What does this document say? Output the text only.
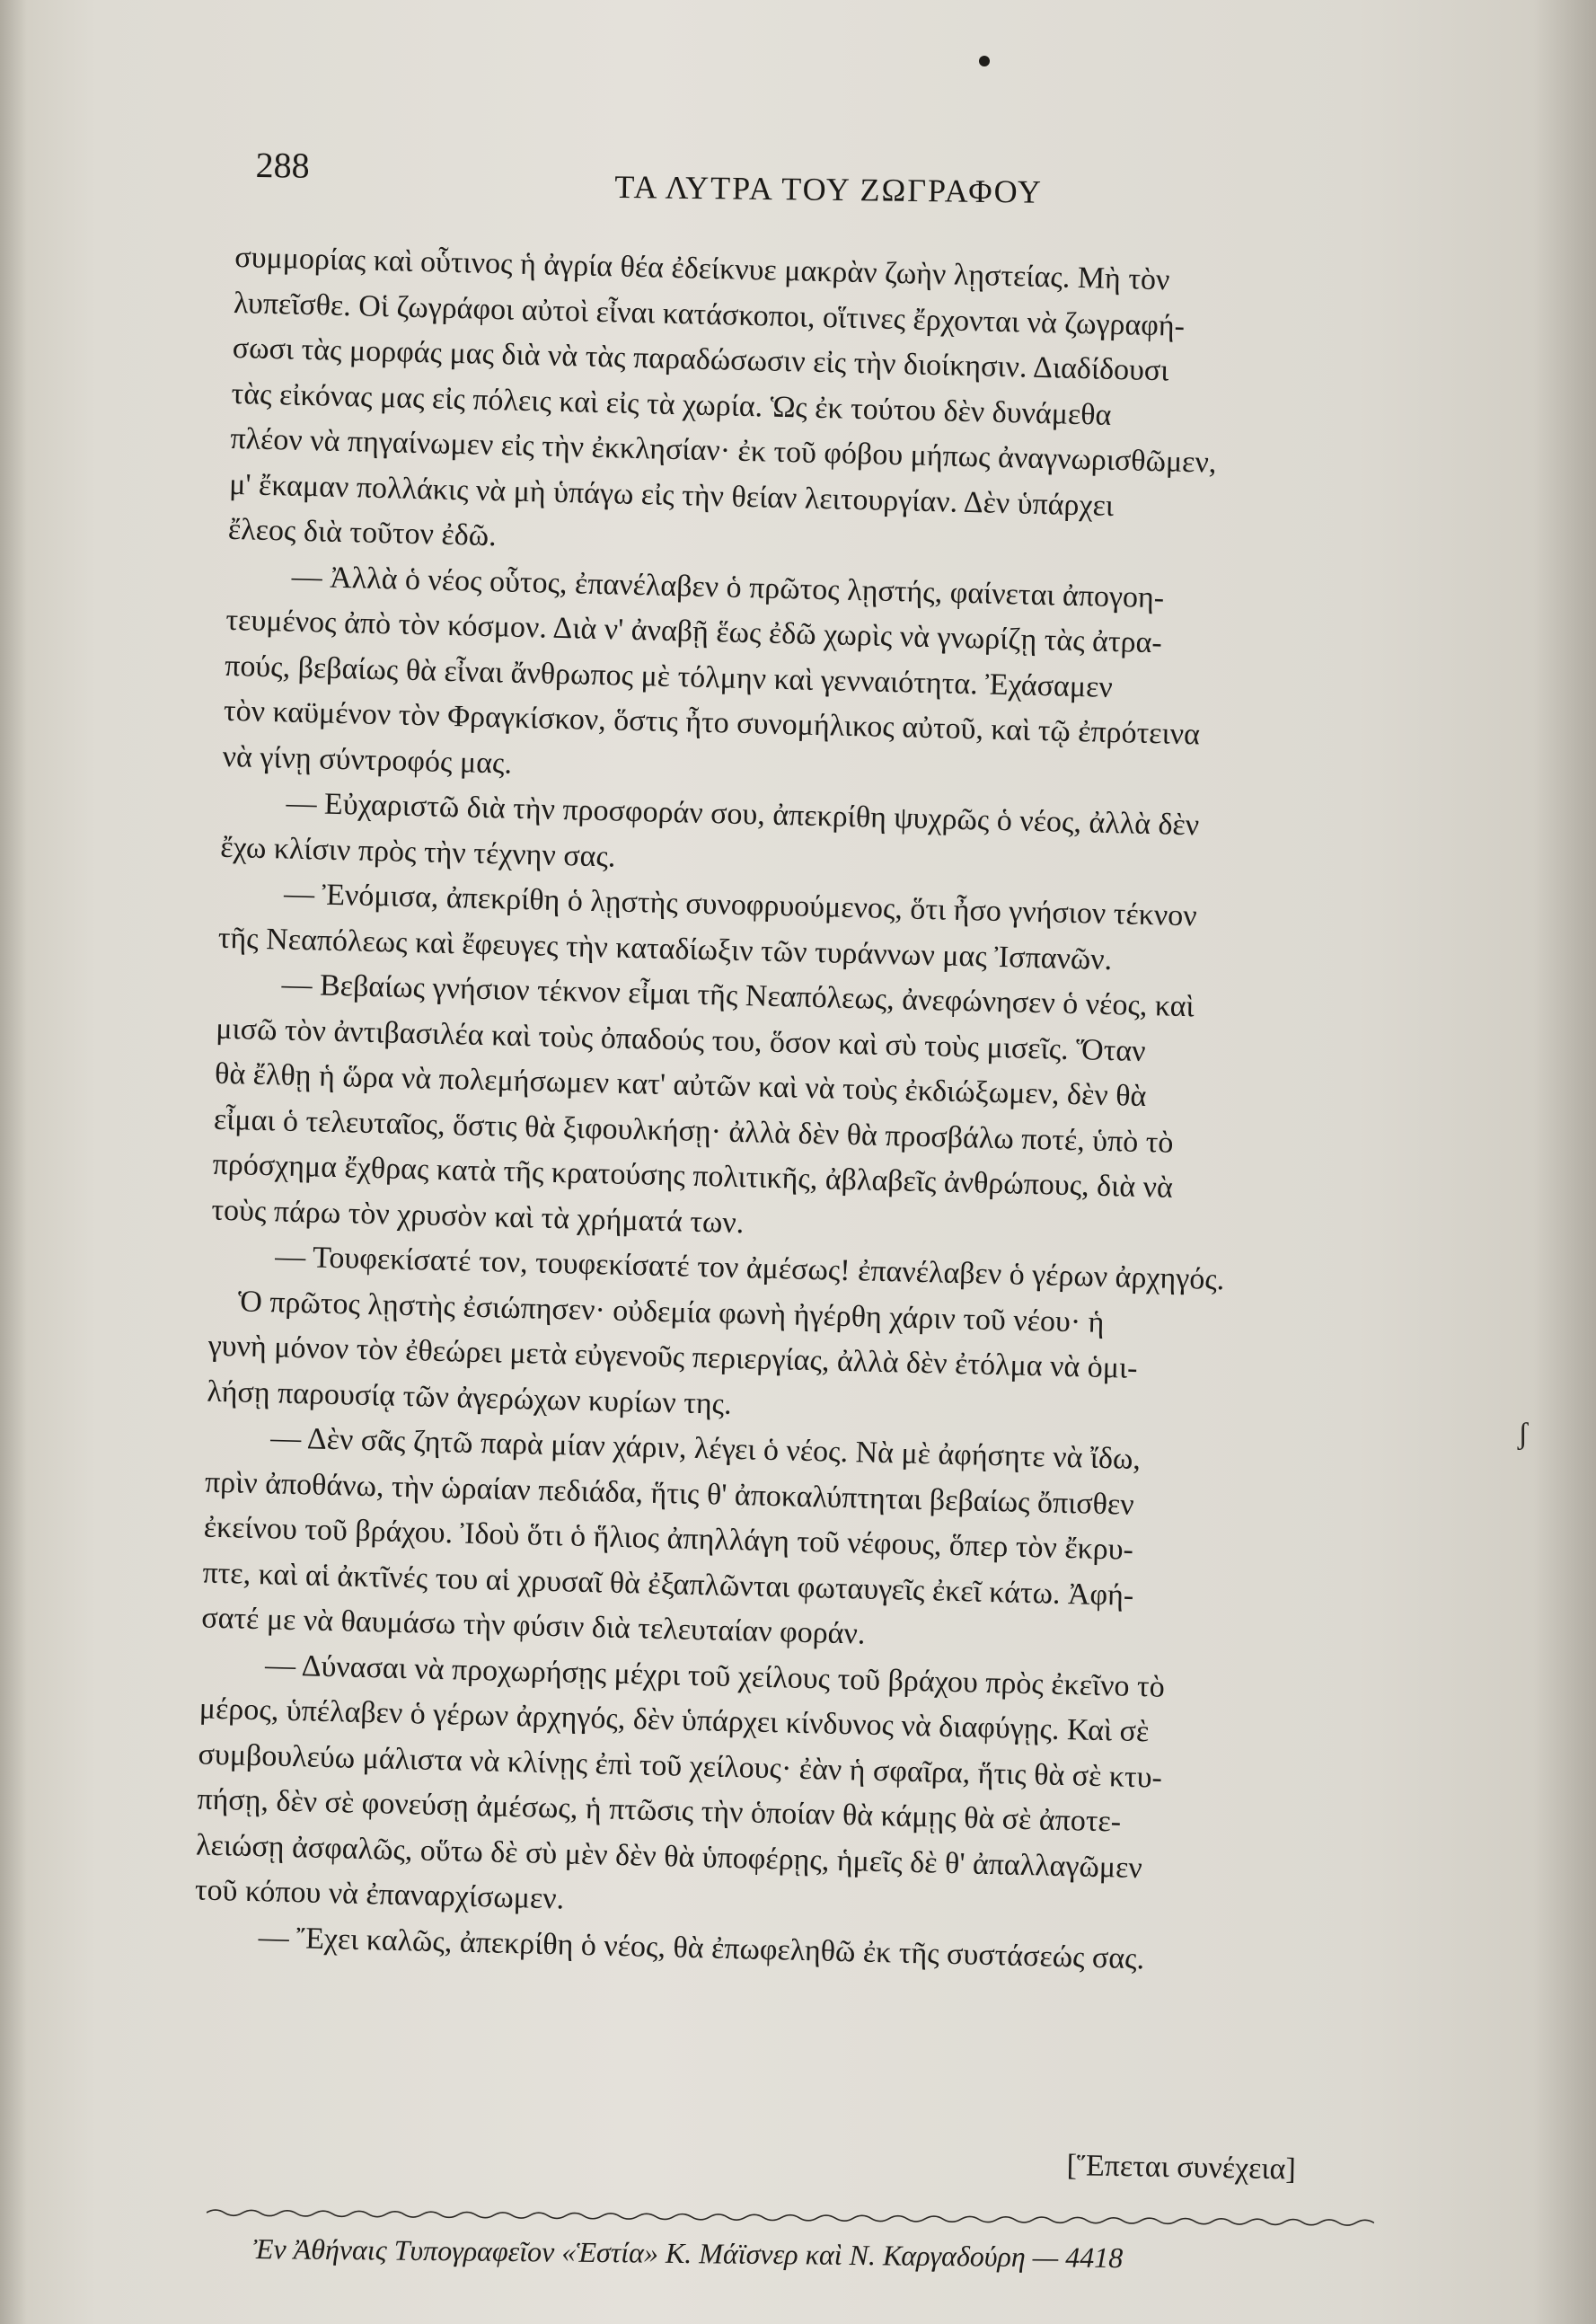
288
ΤΑ ΛΥΤΡΑ ΤΟΥ ΖΩΓΡΑΦΟΥ
συμμορίας καὶ οὗτινος ἡ ἀγρία θέα ἐδείκνυε μακρὰν ζωὴν λῃστείας. Μὴ τὸν
λυπεῖσθε. Οἱ ζωγράφοι αὐτοὶ εἶναι κατάσκοποι, οἵτινες ἔρχονται νὰ ζωγραφή-
σωσι τὰς μορφάς μας διὰ νὰ τὰς παραδώσωσιν εἰς τὴν διοίκησιν. Διαδίδουσι
τὰς εἰκόνας μας εἰς πόλεις καὶ εἰς τὰ χωρία. Ὡς ἐκ τούτου δὲν δυνάμεθα
πλέον νὰ πηγαίνωμεν εἰς τὴν ἐκκλησίαν· ἐκ τοῦ φόβου μήπως ἀναγνωρισθῶμεν,
μ' ἔκαμαν πολλάκις νὰ μὴ ὑπάγω εἰς τὴν θείαν λειτουργίαν. Δὲν ὑπάρχει
ἔλεος διὰ τοῦτον ἐδῶ.
— Ἀλλὰ ὁ νέος οὗτος, ἐπανέλαβεν ὁ πρῶτος λῃστής, φαίνεται ἀπογοη-
τευμένος ἀπὸ τὸν κόσμον. Διὰ ν' ἀναβῇ ἕως ἐδῶ χωρὶς νὰ γνωρίζῃ τὰς ἀτρα-
πούς, βεβαίως θὰ εἶναι ἄνθρωπος μὲ τόλμην καὶ γενναιότητα. Ἐχάσαμεν
τὸν καϋμένον τὸν Φραγκίσκον, ὅστις ἦτο συνομήλικος αὐτοῦ, καὶ τῷ ἐπρότεινα
νὰ γίνῃ σύντροφός μας.
— Εὐχαριστῶ διὰ τὴν προσφοράν σου, ἀπεκρίθη ψυχρῶς ὁ νέος, ἀλλὰ δὲν
ἔχω κλίσιν πρὸς τὴν τέχνην σας.
— Ἐνόμισα, ἀπεκρίθη ὁ λῃστὴς συνοφρυούμενος, ὅτι ἦσο γνήσιον τέκνον
τῆς Νεαπόλεως καὶ ἔφευγες τὴν καταδίωξιν τῶν τυράννων μας Ἰσπανῶν.
— Βεβαίως γνήσιον τέκνον εἶμαι τῆς Νεαπόλεως, ἀνεφώνησεν ὁ νέος, καὶ
μισῶ τὸν ἀντιβασιλέα καὶ τοὺς ὀπαδούς του, ὅσον καὶ σὺ τοὺς μισεῖς. Ὅταν
θὰ ἔλθῃ ἡ ὥρα νὰ πολεμήσωμεν κατ' αὐτῶν καὶ νὰ τοὺς ἐκδιώξωμεν, δὲν θὰ
εἶμαι ὁ τελευταῖος, ὅστις θὰ ξιφουλκήσῃ· ἀλλὰ δὲν θὰ προσβάλω ποτέ, ὑπὸ τὸ
πρόσχημα ἔχθρας κατὰ τῆς κρατούσης πολιτικῆς, ἀβλαβεῖς ἀνθρώπους, διὰ νὰ
τοὺς πάρω τὸν χρυσὸν καὶ τὰ χρήματά των.
— Τουφεκίσατέ τον, τουφεκίσατέ τον ἀμέσως! ἐπανέλαβεν ὁ γέρων ἀρχηγός.
Ὁ πρῶτος λῃστὴς ἐσιώπησεν· οὐδεμία φωνὴ ἠγέρθη χάριν τοῦ νέου· ἡ
γυνὴ μόνον τὸν ἐθεώρει μετὰ εὐγενοῦς περιεργίας, ἀλλὰ δὲν ἐτόλμα νὰ ὁμι-
λήσῃ παρουσίᾳ τῶν ἀγερώχων κυρίων της.
— Δὲν σᾶς ζητῶ παρὰ μίαν χάριν, λέγει ὁ νέος. Νὰ μὲ ἀφήσητε νὰ ἴδω,
πρὶν ἀποθάνω, τὴν ὡραίαν πεδιάδα, ἥτις θ' ἀποκαλύπτηται βεβαίως ὄπισθεν
ἐκείνου τοῦ βράχου. Ἰδοὺ ὅτι ὁ ἥλιος ἀπηλλάγη τοῦ νέφους, ὅπερ τὸν ἔκρυ-
πτε, καὶ αἱ ἀκτῖνές του αἱ χρυσαῖ θὰ ἐξαπλῶνται φωταυγεῖς ἐκεῖ κάτω. Ἀφή-
σατέ με νὰ θαυμάσω τὴν φύσιν διὰ τελευταίαν φοράν.
— Δύνασαι νὰ προχωρήσῃς μέχρι τοῦ χείλους τοῦ βράχου πρὸς ἐκεῖνο τὸ
μέρος, ὑπέλαβεν ὁ γέρων ἀρχηγός, δὲν ὑπάρχει κίνδυνος νὰ διαφύγῃς. Καὶ σὲ
συμβουλεύω μάλιστα νὰ κλίνῃς ἐπὶ τοῦ χείλους· ἐὰν ἡ σφαῖρα, ἥτις θὰ σὲ κτυ-
πήσῃ, δὲν σὲ φονεύσῃ ἀμέσως, ἡ πτῶσις τὴν ὁποίαν θὰ κάμῃς θὰ σὲ ἀποτε-
λειώσῃ ἀσφαλῶς, οὕτω δὲ σὺ μὲν δὲν θὰ ὑποφέρῃς, ἡμεῖς δὲ θ' ἀπαλλαγῶμεν
τοῦ κόπου νὰ ἐπαναρχίσωμεν.
— Ἔχει καλῶς, ἀπεκρίθη ὁ νέος, θὰ ἐπωφεληθῶ ἐκ τῆς συστάσεώς σας.
ʃ
[Ἕπεται συνέχεια]
Ἐν Ἀθήναις Τυπογραφεῖον «Ἑστία» Κ. Μάϊσνερ καὶ Ν. Καργαδούρη — 4418
